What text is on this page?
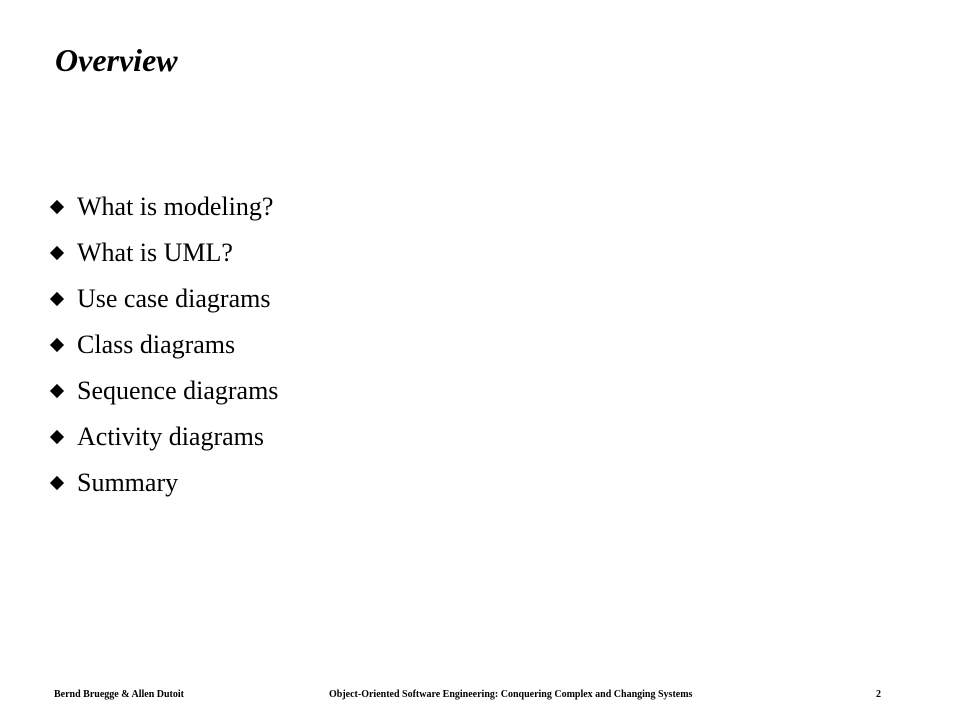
Overview
What is modeling?
What is UML?
Use case diagrams
Class diagrams
Sequence diagrams
Activity diagrams
Summary
Bernd Bruegge & Allen Dutoit	Object-Oriented Software Engineering: Conquering Complex and Changing Systems	2
